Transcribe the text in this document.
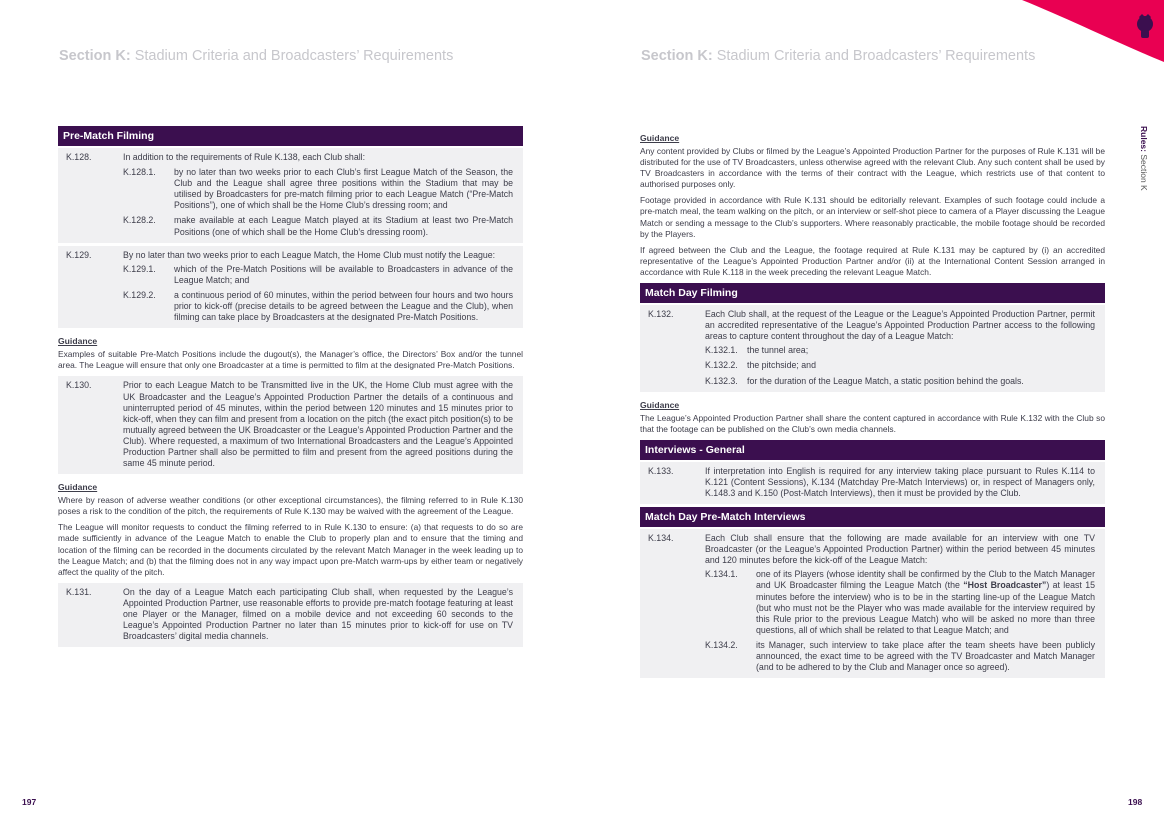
Section K: Stadium Criteria and Broadcasters’ Requirements
Pre-Match Filming
K.128.	In addition to the requirements of Rule K.138, each Club shall:
K.128.1.	by no later than two weeks prior to each Club’s first League Match of the Season, the Club and the League shall agree three positions within the Stadium that may be utilised by Broadcasters for pre-match filming prior to each League Match (“Pre-Match Positions”), one of which shall be the Home Club’s dressing room; and
K.128.2.	make available at each League Match played at its Stadium at least two Pre-Match Positions (one of which shall be the Home Club’s dressing room).
K.129.	By no later than two weeks prior to each League Match, the Home Club must notify the League:
K.129.1.	which of the Pre-Match Positions will be available to Broadcasters in advance of the League Match; and
K.129.2.	a continuous period of 60 minutes, within the period between four hours and two hours prior to kick-off (precise details to be agreed between the League and the Club), when filming can take place by Broadcasters at the designated Pre-Match Positions.
Guidance
Examples of suitable Pre-Match Positions include the dugout(s), the Manager’s office, the Directors’ Box and/or the tunnel area. The League will ensure that only one Broadcaster at a time is permitted to film at the designated Pre-Match Positions.
K.130.	Prior to each League Match to be Transmitted live in the UK, the Home Club must agree with the UK Broadcaster and the League’s Appointed Production Partner the details of a continuous and uninterrupted period of 45 minutes, within the period between 120 minutes and 15 minutes prior to kick-off, when they can film and present from a location on the pitch (the exact pitch position(s) to be mutually agreed between the UK Broadcaster or the League’s Appointed Production Partner and the Club). Where requested, a maximum of two International Broadcasters and the League’s Appointed Production Partner shall also be permitted to film and present from the agreed positions during the same 45 minute period.
Guidance
Where by reason of adverse weather conditions (or other exceptional circumstances), the filming referred to in Rule K.130 poses a risk to the condition of the pitch, the requirements of Rule K.130 may be waived with the agreement of the League.
The League will monitor requests to conduct the filming referred to in Rule K.130 to ensure: (a) that requests to do so are made sufficiently in advance of the League Match to enable the Club to properly plan and to ensure that the timing and location of the filming can be recorded in the documents circulated by the relevant Match Manager in the week leading up to the League Match; and (b) that the filming does not in any way impact upon pre-Match warm-ups by either team or negatively affect the quality of the pitch.
K.131.	On the day of a League Match each participating Club shall, when requested by the League’s Appointed Production Partner, use reasonable efforts to provide pre-match footage featuring at least one Player or the Manager, filmed on a mobile device and not exceeding 60 seconds to the League’s Appointed Production Partner no later than 15 minutes prior to kick-off for use on TV Broadcasters’ digital media channels.
197
Section K: Stadium Criteria and Broadcasters’ Requirements
Guidance
Any content provided by Clubs or filmed by the League’s Appointed Production Partner for the purposes of Rule K.131 will be distributed for the use of TV Broadcasters, unless otherwise agreed with the relevant Club. Any such content shall be used by TV Broadcasters in accordance with the terms of their contract with the League, which restricts use of that content to authorised purposes only.
Footage provided in accordance with Rule K.131 should be editorially relevant. Examples of such footage could include a pre-match meal, the team walking on the pitch, or an interview or self-shot piece to camera of a Player discussing the League Match or sending a message to the Club’s supporters. Where reasonably practicable, the mobile footage should be recorded by the Players.
If agreed between the Club and the League, the footage required at Rule K.131 may be captured by (i) an accredited representative of the League’s Appointed Production Partner and/or (ii) at the International Content Session arranged in accordance with Rule K.118 in the week preceding the relevant League Match.
Match Day Filming
K.132.	Each Club shall, at the request of the League or the League’s Appointed Production Partner, permit an accredited representative of the League’s Appointed Production Partner access to the following areas to capture content throughout the day of a League Match:
K.132.1.	the tunnel area;
K.132.2.	the pitchside; and
K.132.3.	for the duration of the League Match, a static position behind the goals.
Guidance
The League’s Appointed Production Partner shall share the content captured in accordance with Rule K.132 with the Club so that the footage can be published on the Club’s own media channels.
Interviews - General
K.133.	If interpretation into English is required for any interview taking place pursuant to Rules K.114 to K.121 (Content Sessions), K.134 (Matchday Pre-Match Interviews) or, in respect of Managers only, K.148.3 and K.150 (Post-Match Interviews), then it must be provided by the Club.
Match Day Pre-Match Interviews
K.134.	Each Club shall ensure that the following are made available for an interview with one TV Broadcaster (or the League’s Appointed Production Partner) within the period between 45 minutes and 120 minutes before the kick-off of the League Match:
K.134.1.	one of its Players (whose identity shall be confirmed by the Club to the Match Manager and UK Broadcaster filming the League Match (the “Host Broadcaster”) at least 15 minutes before the interview) who is to be in the starting line-up of the League Match (but who must not be the Player who was made available for the interview required by this Rule prior to the previous League Match) who will be asked no more than three questions, all of which shall be related to that League Match; and
K.134.2.	its Manager, such interview to take place after the team sheets have been publicly announced, the exact time to be agreed with the TV Broadcaster and Match Manager (and to be adhered to by the Club and Manager once so agreed).
Rules: Section K
198
